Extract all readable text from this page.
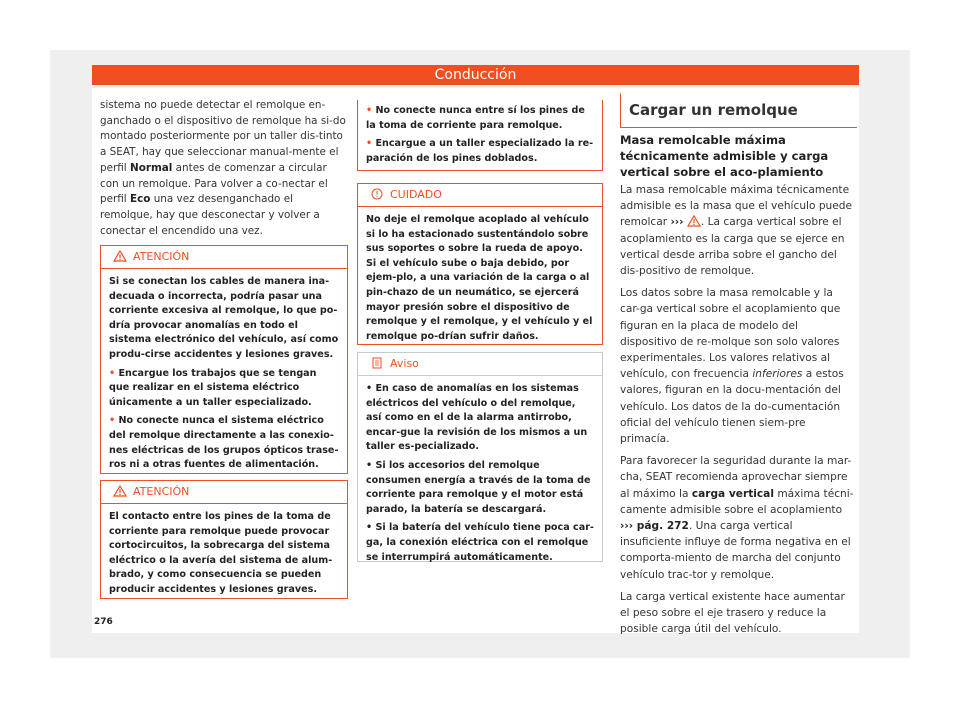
Conducción

sistema no puede detectar el remolque en-ganchado o el dispositivo de remolque ha si-do montado posteriormente por un taller dis-tinto a SEAT, hay que seleccionar manual-mente el perfil Normal antes de comenzar a circular con un remolque. Para volver a co-nectar el perfil Eco una vez desenganchado el remolque, hay que desconectar y volver a conectar el encendido una vez.

ATENCIÓN

Si se conectan los cables de manera ina-decuada o incorrecta, podría pasar una corriente excesiva al remolque, lo que po-dría provocar anomalías en todo el sistema electrónico del vehículo, así como produ-cirse accidentes y lesiones graves.

• Encargue los trabajos que se tengan que realizar en el sistema eléctrico únicamente a un taller especializado.

• No conecte nunca el sistema eléctrico del remolque directamente a las conexio-nes eléctricas de los grupos ópticos trase-ros ni a otras fuentes de alimentación.

ATENCIÓN

El contacto entre los pines de la toma de corriente para remolque puede provocar cortocircuitos, la sobrecarga del sistema eléctrico o la avería del sistema de alum-brado, y como consecuencia se pueden producir accidentes y lesiones graves.

• No conecte nunca entre sí los pines de la toma de corriente para remolque.

• Encargue a un taller especializado la re-paración de los pines doblados.

CUIDADO

No deje el remolque acoplado al vehículo si lo ha estacionado sustentándolo sobre sus soportes o sobre la rueda de apoyo. Si el vehículo sube o baja debido, por ejem-plo, a una variación de la carga o al pin-chazo de un neumático, se ejercerá mayor presión sobre el dispositivo de remolque y el remolque, y el vehículo y el remolque po-drían sufrir daños.

Aviso

• En caso de anomalías en los sistemas eléctricos del vehículo o del remolque, así como en el de la alarma antirrobo, encar-gue la revisión de los mismos a un taller es-pecializado.

• Si los accesorios del remolque consumen energía a través de la toma de corriente para remolque y el motor está parado, la batería se descargará.

• Si la batería del vehículo tiene poca car-ga, la conexión eléctrica con el remolque se interrumpirá automáticamente.

Cargar un remolque

Masa remolcable máxima técnicamente admisible y carga vertical sobre el aco-plamiento

La masa remolcable máxima técnicamente admisible es la masa que el vehículo puede remolcar ››› . La carga vertical sobre el acoplamiento es la carga que se ejerce en vertical desde arriba sobre el gancho del dis-positivo de remolque.

Los datos sobre la masa remolcable y la car-ga vertical sobre el acoplamiento que figuran en la placa de modelo del dispositivo de re-molque son solo valores experimentales. Los valores relativos al vehículo, con frecuencia inferiores a estos valores, figuran en la docu-mentación del vehículo. Los datos de la do-cumentación oficial del vehículo tienen siem-pre primacía.

Para favorecer la seguridad durante la mar-cha, SEAT recomienda aprovechar siempre al máximo la carga vertical máxima técni-camente admisible sobre el acoplamiento ››› pág. 272. Una carga vertical insuficiente influye de forma negativa en el comporta-miento de marcha del conjunto vehículo trac-tor y remolque.

La carga vertical existente hace aumentar el peso sobre el eje trasero y reduce la posible carga útil del vehículo.

276
